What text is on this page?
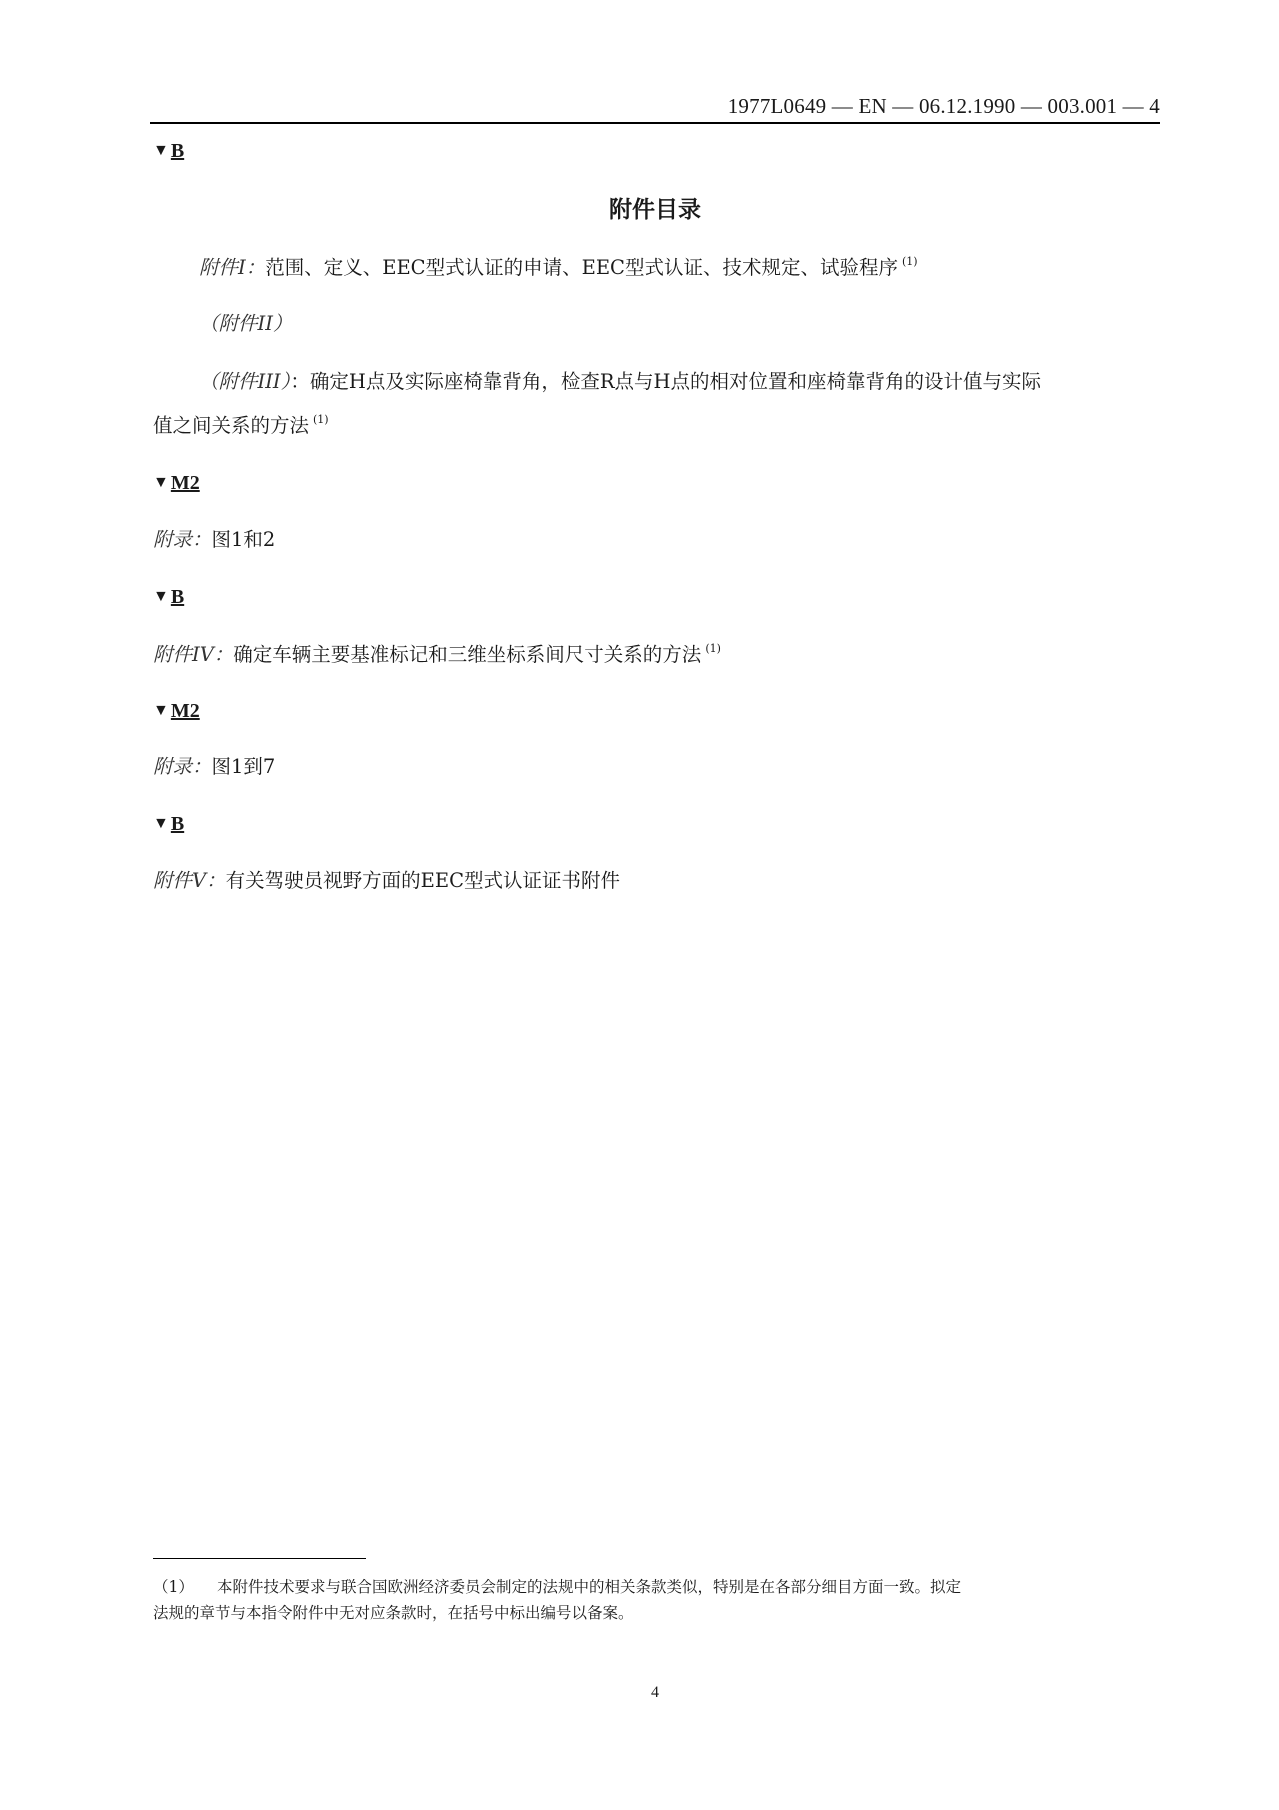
1977L0649 — EN — 06.12.1990 — 003.001 — 4
▼ B
附件目录
附件I：范围、定义、EEC型式认证的申请、EEC型式认证、技术规定、试验程序 $^{(1)}$
（附件II）
（附件III）：确定H点及实际座椅靠背角，检查R点与H点的相对位置和座椅靠背角的设计值与实际
值之间关系的方法 $^{(1)}$
▼ M2
附录：图1和2
▼ B
附件IV：确定车辆主要基准标记和三维坐标系间尺寸关系的方法 $^{(1)}$
▼ M2
附录：图1到7
▼ B
附件V：有关驾驶员视野方面的EEC型式认证证书附件
（1） 本附件技术要求与联合国欧洲经济委员会制定的法规中的相关条款类似，特别是在各部分细目方面一致。拟定
法规的章节与本指令附件中无对应条款时，在括号中标出编号以备案。
4
